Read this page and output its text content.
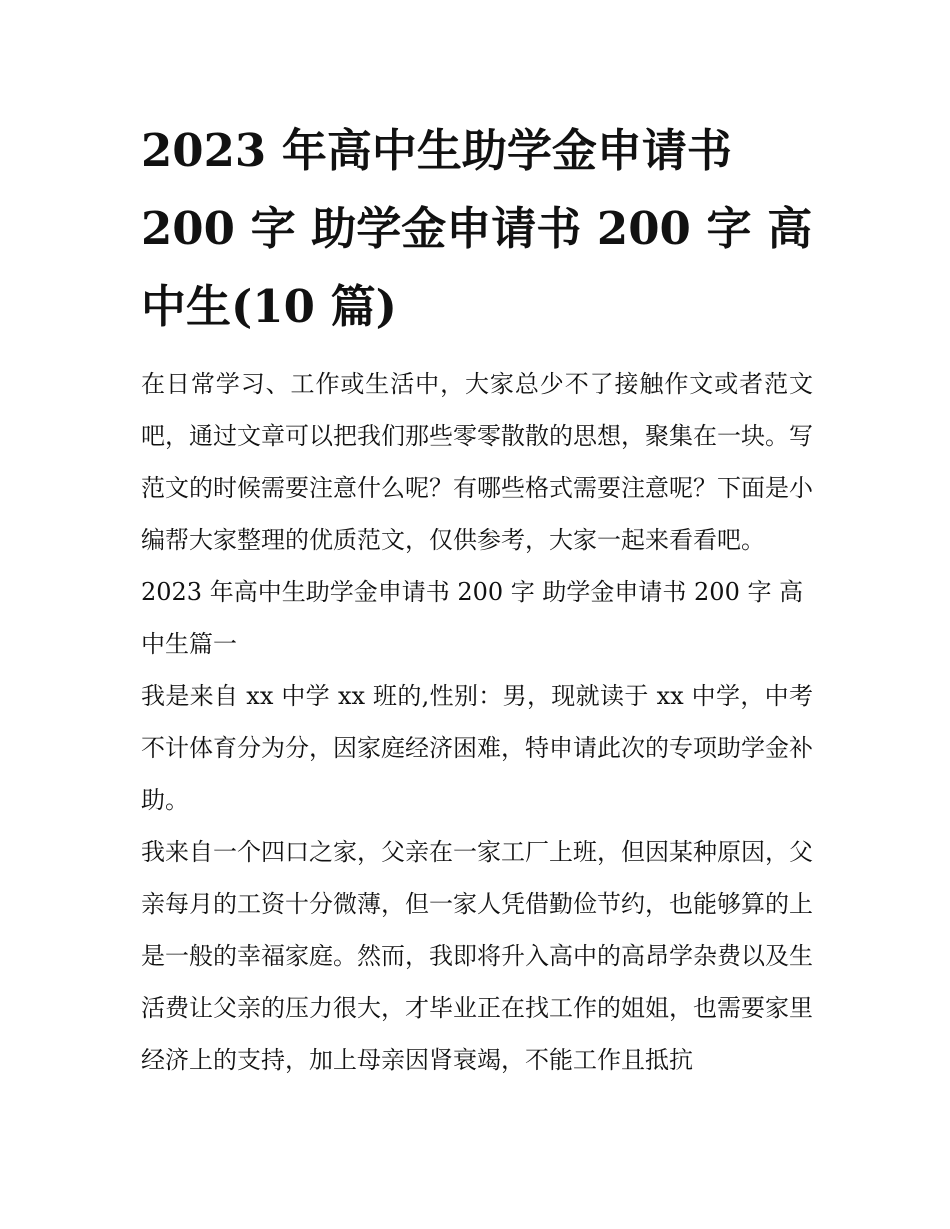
2023 年高中生助学金申请书
200 字 助学金申请书 200 字 高
中生(10 篇)

在日常学习、工作或生活中，大家总少不了接触作文或者范文吧，通过文章可以把我们那些零零散散的思想，聚集在一块。写范文的时候需要注意什么呢？有哪些格式需要注意呢？下面是小编帮大家整理的优质范文，仅供参考，大家一起来看看吧。

2023 年高中生助学金申请书 200 字 助学金申请书 200 字 高中生篇一

我是来自 xx 中学 xx 班的,性别：男，现就读于 xx 中学，中考不计体育分为分，因家庭经济困难，特申请此次的专项助学金补助。

我来自一个四口之家，父亲在一家工厂上班，但因某种原因，父亲每月的工资十分微薄，但一家人凭借勤俭节约，也能够算的上是一般的幸福家庭。然而，我即将升入高中的高昂学杂费以及生活费让父亲的压力很大，才毕业正在找工作的姐姐，也需要家里经济上的支持，加上母亲因肾衰竭，不能工作且抵抗
